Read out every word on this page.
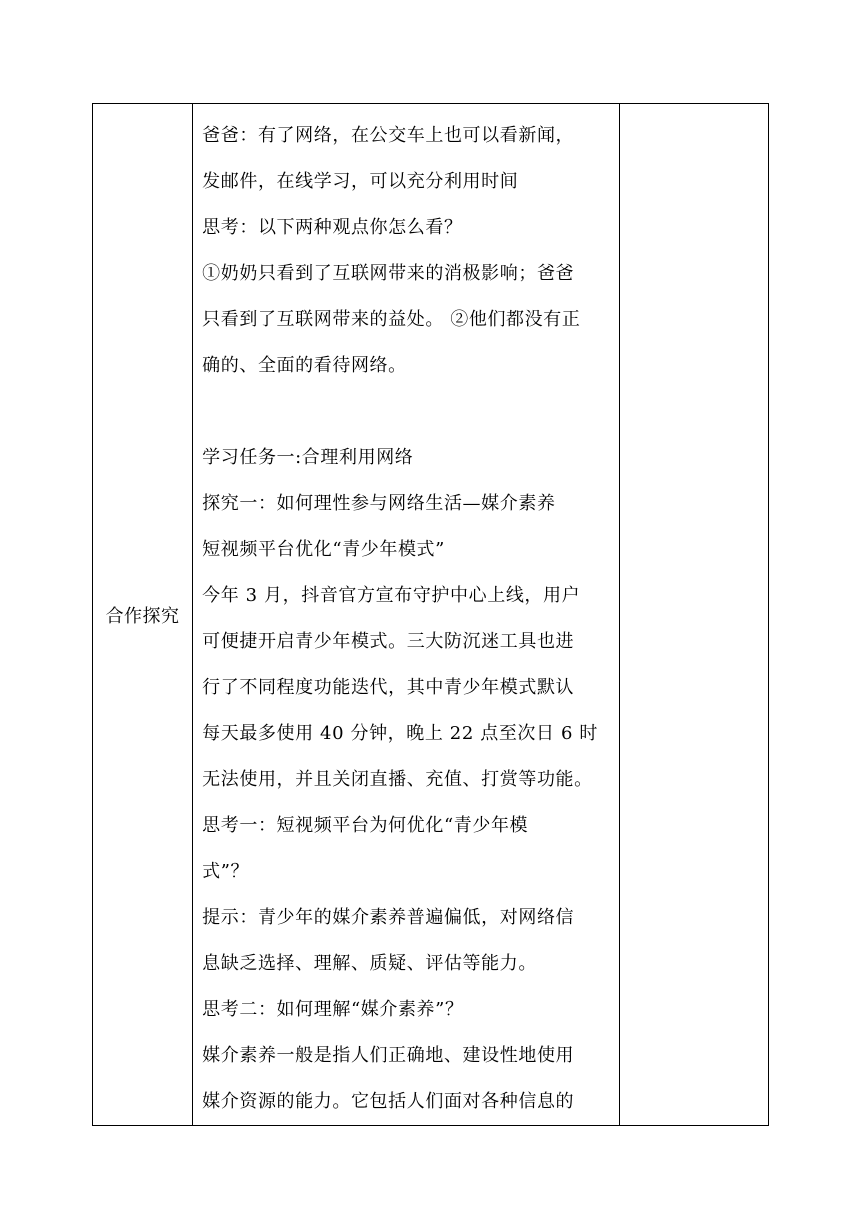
合作探究	
爸爸：有了网络，在公交车上也可以看新闻，
发邮件，在线学习，可以充分利用时间
思考：以下两种观点你怎么看？
①奶奶只看到了互联网带来的消极影响；爸爸
只看到了互联网带来的益处。 ②他们都没有正
确的、全面的看待网络。
学习任务一:合理利用网络
探究一：如何理性参与网络生活—媒介素养
短视频平台优化“青少年模式”
今年 3 月，抖音官方宣布守护中心上线，用户
可便捷开启青少年模式。三大防沉迷工具也进
行了不同程度功能迭代，其中青少年模式默认
每天最多使用 40 分钟，晚上 22 点至次日 6 时
无法使用，并且关闭直播、充值、打赏等功能。
思考一：短视频平台为何优化“青少年模
式”？
提示：青少年的媒介素养普遍偏低，对网络信
息缺乏选择、理解、质疑、评估等能力。
思考二：如何理解“媒介素养”？
媒介素养一般是指人们正确地、建设性地使用
媒介资源的能力。它包括人们面对各种信息的
